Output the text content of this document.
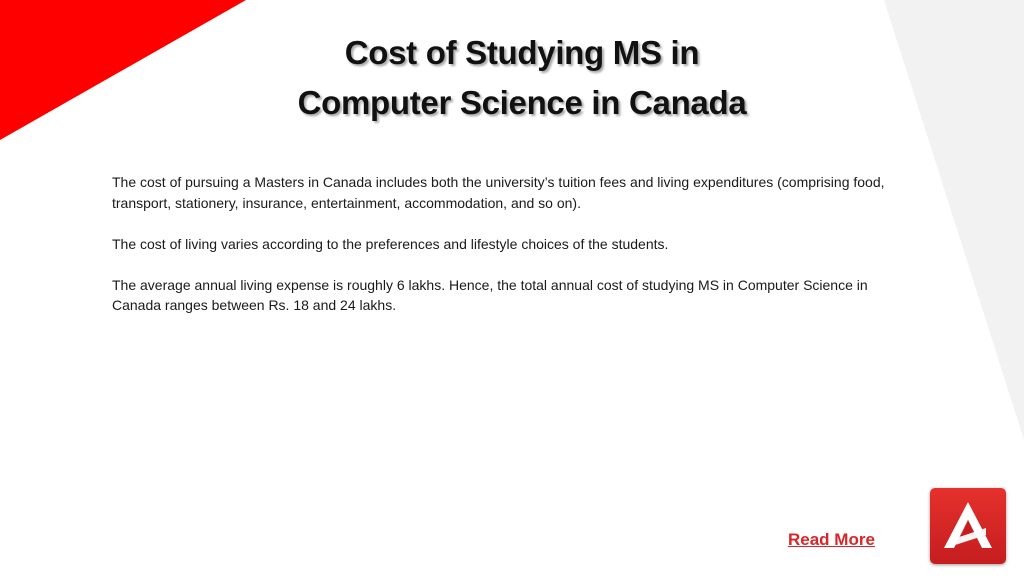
Cost of Studying MS in
Computer Science in Canada

The cost of pursuing a Masters in Canada includes both the university’s tuition fees and living expenditures (comprising food, transport, stationery, insurance, entertainment, accommodation, and so on).

The cost of living varies according to the preferences and lifestyle choices of the students.

The average annual living expense is roughly 6 lakhs. Hence, the total annual cost of studying MS in Computer Science in Canada ranges between Rs. 18 and 24 lakhs.

Read More
